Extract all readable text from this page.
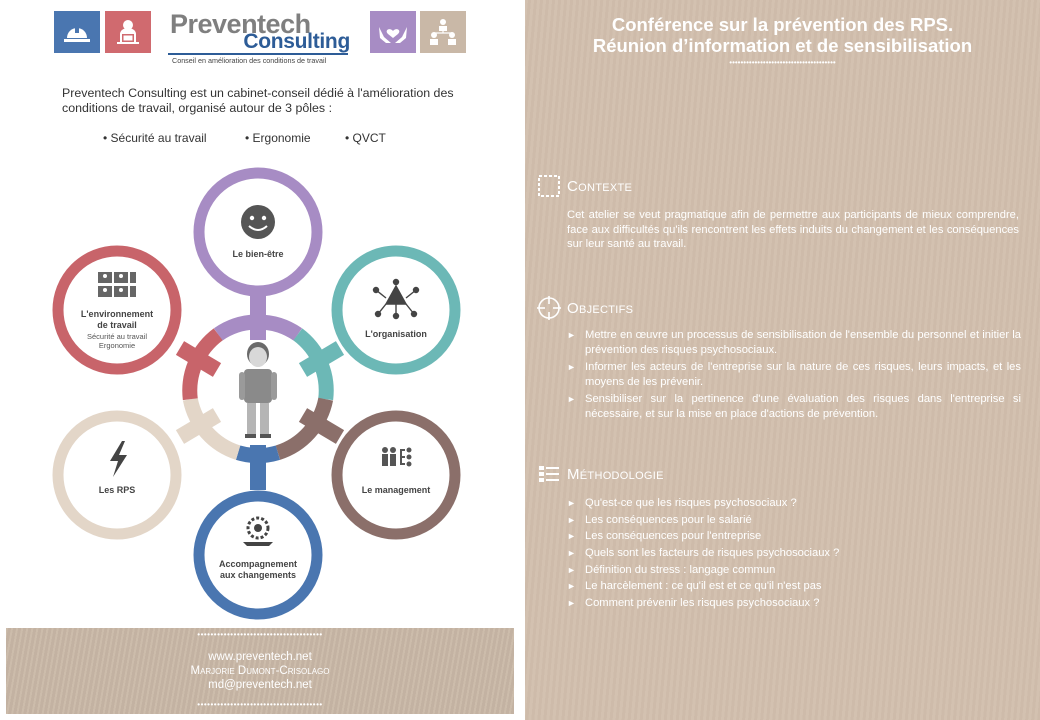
Preventech
Consulting
Conseil en amélioration des conditions de travail
Preventech Consulting est un cabinet-conseil dédié à l'amélioration des conditions de travail, organisé autour de 3 pôles :
• Sécurité au travail	• Ergonomie	• QVCT
Le bien-être
L'organisation
Le management
Accompagnement
aux changements
Les RPS
L'environnement
de travail
Sécurité au travail
Ergonomie
••••••••••••••••••••••••••••••••••••••
www.preventech.net
Marjorie Dumont-Crisolago
md@preventech.net
••••••••••••••••••••••••••••••••••••••
Conférence sur la prévention des RPS.
Réunion d’information et de sensibilisation
••••••••••••••••••••••••••••••••••••••
Contexte
Cet atelier se veut pragmatique afin de permettre aux participants de mieux comprendre, face aux difficultés qu'ils rencontrent les effets induits du changement et les conséquences sur leur santé au travail.
Objectifs
► Mettre en œuvre un processus de sensibilisation de l'ensemble du personnel et initier la prévention des risques psychosociaux.
► Informer les acteurs de l'entreprise sur la nature de ces risques, leurs impacts, et les moyens de les prévenir.
► Sensibiliser sur la pertinence d'une évaluation des risques dans l'entreprise si nécessaire, et sur la mise en place d'actions de prévention.
Méthodologie
► Qu'est-ce que les risques psychosociaux ?
► Les conséquences pour le salarié
► Les conséquences pour l'entreprise
► Quels sont les facteurs de risques psychosociaux ?
► Définition du stress : langage commun
► Le harcèlement : ce qu'il est et ce qu'il n'est pas
► Comment prévenir les risques psychosociaux ?
